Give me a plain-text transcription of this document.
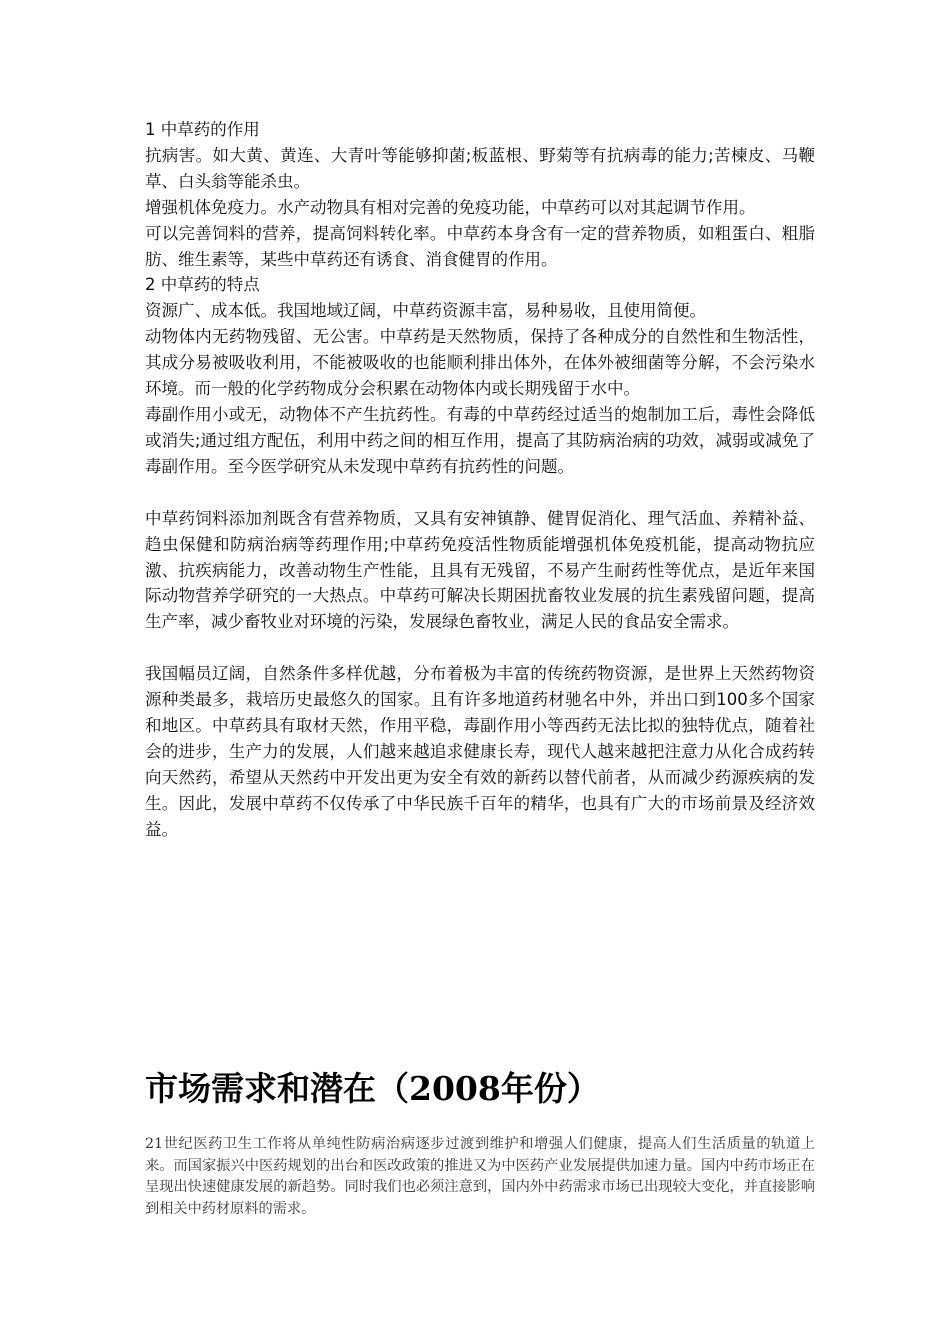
1 中草药的作用

抗病害。如大黄、黄连、大青叶等能够抑菌;板蓝根、野菊等有抗病毒的能力;苦楝皮、马鞭草、白头翁等能杀虫。

增强机体免疫力。水产动物具有相对完善的免疫功能，中草药可以对其起调节作用。

可以完善饲料的营养，提高饲料转化率。中草药本身含有一定的营养物质，如粗蛋白、粗脂肪、维生素等，某些中草药还有诱食、消食健胃的作用。

2 中草药的特点

资源广、成本低。我国地域辽阔，中草药资源丰富，易种易收，且使用简便。

动物体内无药物残留、无公害。中草药是天然物质，保持了各种成分的自然性和生物活性，其成分易被吸收利用，不能被吸收的也能顺利排出体外，在体外被细菌等分解，不会污染水环境。而一般的化学药物成分会积累在动物体内或长期残留于水中。

毒副作用小或无，动物体不产生抗药性。有毒的中草药经过适当的炮制加工后，毒性会降低或消失;通过组方配伍，利用中药之间的相互作用，提高了其防病治病的功效，减弱或减免了毒副作用。至今医学研究从未发现中草药有抗药性的问题。

中草药饲料添加剂既含有营养物质，又具有安神镇静、健胃促消化、理气活血、养精补益、趋虫保健和防病治病等药理作用;中草药免疫活性物质能增强机体免疫机能，提高动物抗应激、抗疾病能力，改善动物生产性能，且具有无残留，不易产生耐药性等优点，是近年来国际动物营养学研究的一大热点。中草药可解决长期困扰畜牧业发展的抗生素残留问题，提高生产率，减少畜牧业对环境的污染，发展绿色畜牧业，满足人民的食品安全需求。

我国幅员辽阔，自然条件多样优越，分布着极为丰富的传统药物资源，是世界上天然药物资源种类最多，栽培历史最悠久的国家。且有许多地道药材驰名中外，并出口到100多个国家和地区。中草药具有取材天然，作用平稳，毒副作用小等西药无法比拟的独特优点，随着社会的进步，生产力的发展，人们越来越追求健康长寿，现代人越来越把注意力从化合成药转向天然药，希望从天然药中开发出更为安全有效的新药以替代前者，从而减少药源疾病的发生。因此，发展中草药不仅传承了中华民族千百年的精华，也具有广大的市场前景及经济效益。

市场需求和潜在（2008年份）

21世纪医药卫生工作将从单纯性防病治病逐步过渡到维护和增强人们健康，提高人们生活质量的轨道上来。而国家振兴中医药规划的出台和医改政策的推进又为中医药产业发展提供加速力量。国内中药市场正在呈现出快速健康发展的新趋势。同时我们也必须注意到，国内外中药需求市场已出现较大变化，并直接影响到相关中药材原料的需求。
